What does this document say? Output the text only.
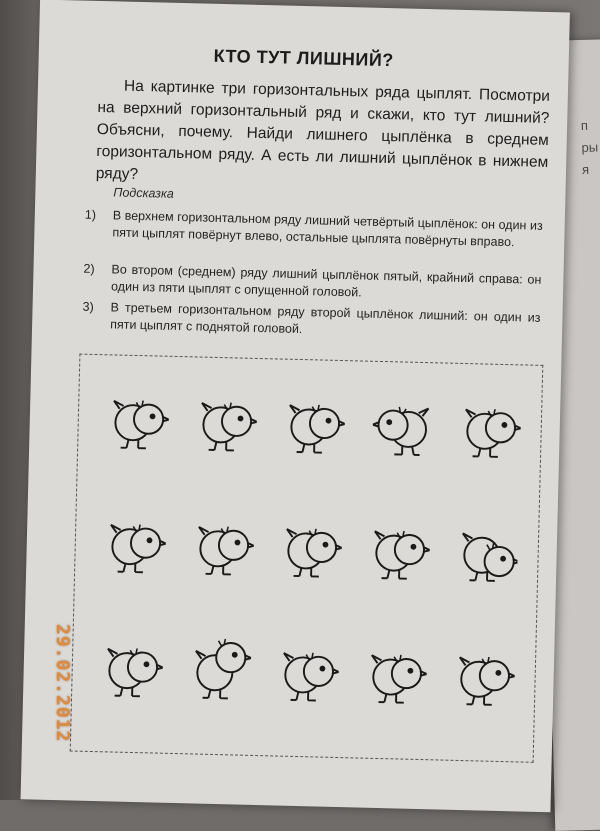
п
ры
я
КТО ТУТ ЛИШНИЙ?
На картинке три горизонтальных ряда цыплят. Посмотри на верхний горизонтальный ряд и скажи, кто тут лишний? Объясни, почему. Найди лишнего цыплёнка в среднем горизонтальном ряду. А есть ли лишний цыплёнок в нижнем ряду?
Подсказка
1)	В верхнем горизонтальном ряду лишний четвёртый цыплёнок: он один из пяти цыплят повёрнут влево, остальные цыплята повёрнуты вправо.
2)	Во втором (среднем) ряду лишний цыплёнок пятый, крайний справа: он один из пяти цыплят с опущенной головой.
3)	В третьем горизонтальном ряду второй цыплёнок лишний: он один из пяти цыплят с поднятой головой.
29.02.2012
